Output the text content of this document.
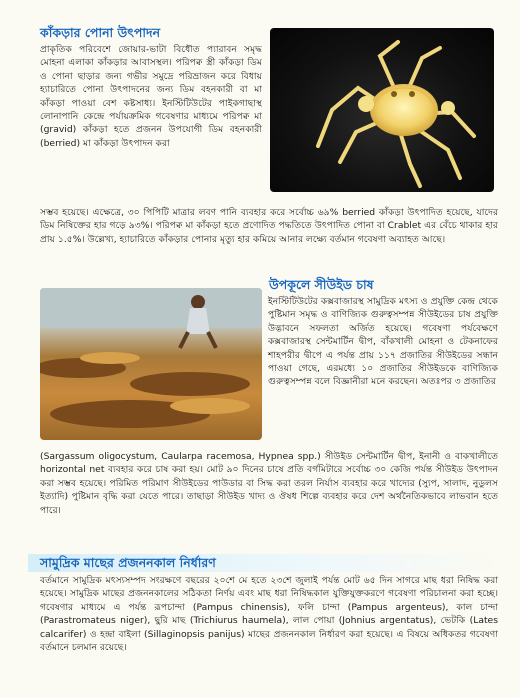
কাঁকড়ার পোনা উৎপাদন
প্রাকৃতিক পরিবেশে জোয়ার-ভাটা বিধৌত প্যারাবন সমৃদ্ধ মোহনা এলাকা কাঁকড়ার আবাসস্থল। পরিপক্ব স্ত্রী কাঁকড়া ডিম ও পোনা ছাড়ার জন্য গভীর সমুদ্রে পরিভ্রাজন করে বিধায় হ্যাচারিতে পোনা উৎপাদনের জন্য ডিম বহনকারী বা মা কাঁকড়া পাওয়া বেশ কষ্টসাধ্য। ইনস্টিটিউটের পাইকগাছাস্থ লোনাপানি কেন্দ্রে পর্যায়ক্রমিক গবেষণার মাধ্যমে পরিপক্ব মা (gravid) কাঁকড়া হতে প্রজনন উপযোগী ডিম বহনকারী (berried) মা কাঁকড়া উৎপাদন করা
সম্ভব হয়েছে। এক্ষেত্রে, ৩০ পিপিটি মাত্রার লবণ পানি ব্যবহার করে সর্বোচ্চ ৬৯% berried কাঁকড়া উৎপাদিত হয়েছে, যাদের ডিম নিষিক্তের হার গড়ে ৯৩%। পরিপক্ব মা কাঁকড়া হতে প্রণোদিত পদ্ধতিতে উৎপাদিত পোনা বা Crablet এর বেঁচে থাকার হার প্রায় ১.৫%। উল্লেখ্য, হ্যাচারিতে কাঁকড়ার পোনার মৃত্যু হার কমিয়ে আনার লক্ষ্যে বর্তমান গবেষণা অব্যাহত আছে।
উপকূলে সীউইড চাষ
ইনস্টিটিউটের কক্সবাজারস্থ সামুদ্রিক মৎস্য ও প্রযুক্তি কেন্দ্র থেকে পুষ্টিমান সমৃদ্ধ ও বাণিজ্যিক গুরুত্বসম্পন্ন সীউইডের চাষ প্রযুক্তি উদ্ভাবনে সফলতা অর্জিত হয়েছে। গবেষণা পর্যবেক্ষণে কক্সবাজারস্থ সেন্টমার্টিন দ্বীপ, বাঁকখালী মোহনা ও টেকনাফের শাহপরীর দ্বীপে এ পর্যন্ত প্রায় ১১৭ প্রজাতির সীউইডের সন্ধান পাওয়া গেছে, এরমধ্যে ১০ প্রজাতির সীউইডকে বাণিজ্যিক গুরুত্বসম্পন্ন বলে বিজ্ঞানীরা মনে করছেন। অতঃপর ৩ প্রজাতির
(Sargassum oligocystum, Caularpa racemosa, Hypnea spp.) সীউইড সেন্টমার্টিন দ্বীপ, ইনানী ও বাকখালীতে horizontal net ব্যবহার করে চাষ করা হয়। মোট ৯০ দিনের চাষে প্রতি বর্গমিটারে সর্বোচ্চ ৩০ কেজি পর্যন্ত সীউইড উৎপাদন করা সম্ভব হয়েছে। পরিমিত পরিমাণ সীউইডের পাউডার বা সিদ্ধ করা তরল নির্যাস ব্যবহার করে খাদ্যের (স্যুপ, সালাদ, নুডুলস ইত্যাদি) পুষ্টিমান বৃদ্ধি করা যেতে পারে। তাছাড়া সীউইড খাদ্য ও ঔষধ শিল্পে ব্যবহার করে দেশ অর্থনৈতিকভাবে লাভবান হতে পারে।
সামুদ্রিক মাছের প্রজননকাল নির্ধারণ
বর্তমানে সামুদ্রিক মৎস্যসম্পদ সংরক্ষণে বছরের ২০শে মে হতে ২৩শে জুলাই পর্যন্ত মোট ৬৫ দিন সাগরে মাছ ধরা নিষিদ্ধ করা হয়েছে। সামুদ্রিক মাছের প্রজননকালের সঠিকতা নির্ণয় এবং মাছ ধরা নিষিদ্ধকাল যুক্তিযুক্তকরণে গবেষণা পরিচালনা করা হচ্ছে। গবেষণার মাধ্যমে এ পর্যন্ত রূপচান্দা (Pampus chinensis), ফলি চান্দা (Pampus argenteus), কাল চান্দা (Parastromateus niger), ছুরি মাছ (Trichiurus haumela), লাল পোয়া (Johnius argentatus), ভেটকি (Lates calcarifer) ও হন্দ্রা বাইলা (Sillaginopsis panijus) মাছের প্রজননকাল নির্ধারণ করা হয়েছে। এ বিষয়ে অধিকতর গবেষণা বর্তমানে চলমান রয়েছে।
